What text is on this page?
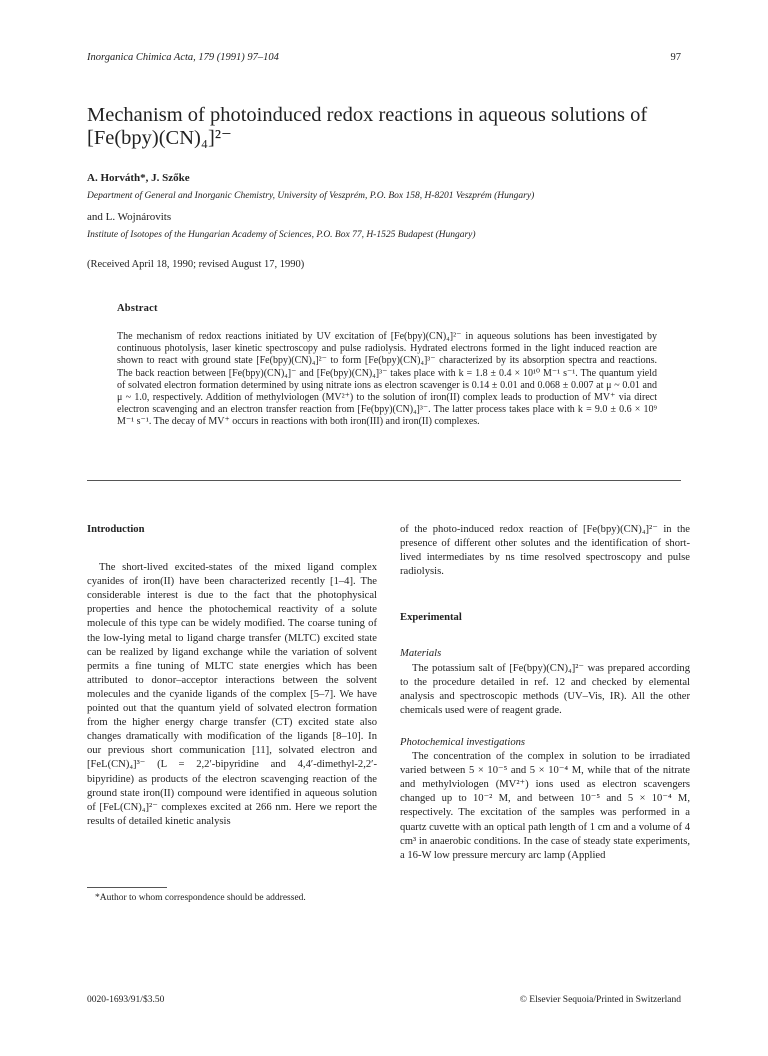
Inorganica Chimica Acta, 179 (1991) 97–104	97
Mechanism of photoinduced redox reactions in aqueous solutions of
[Fe(bpy)(CN)₄]²⁻
A. Horváth*, J. Szőke
Department of General and Inorganic Chemistry, University of Veszprém, P.O. Box 158, H-8201 Veszprém (Hungary)
and L. Wojnárovits
Institute of Isotopes of the Hungarian Academy of Sciences, P.O. Box 77, H-1525 Budapest (Hungary)
(Received April 18, 1990; revised August 17, 1990)
Abstract
The mechanism of redox reactions initiated by UV excitation of [Fe(bpy)(CN)₄]²⁻ in aqueous solutions has been investigated by continuous photolysis, laser kinetic spectroscopy and pulse radiolysis. Hydrated electrons formed in the light induced reaction are shown to react with ground state [Fe(bpy)(CN)₄]²⁻ to form [Fe(bpy)(CN)₄]³⁻ characterized by its absorption spectra and reactions. The back reaction between [Fe(bpy)(CN)₄]⁻ and [Fe(bpy)(CN)₄]³⁻ takes place with k = 1.8 ± 0.4 × 10¹⁰ M⁻¹ s⁻¹. The quantum yield of solvated electron formation determined by using nitrate ions as electron scavenger is 0.14 ± 0.01 and 0.068 ± 0.007 at μ ~ 0.01 and μ ~ 1.0, respectively. Addition of methylviologen (MV²⁺) to the solution of iron(II) complex leads to production of MV⁺ via direct electron scavenging and an electron transfer reaction from [Fe(bpy)(CN)₄]³⁻. The latter process takes place with k = 9.0 ± 0.6 × 10⁹ M⁻¹ s⁻¹. The decay of MV⁺ occurs in reactions with both iron(III) and iron(II) complexes.

Introduction

The short-lived excited-states of the mixed ligand complex cyanides of iron(II) have been characterized recently [1–4]. The considerable interest is due to the fact that the photophysical properties and hence the photochemical reactivity of a solute molecule of this type can be widely modified. The coarse tuning of the low-lying metal to ligand charge transfer (MLTC) excited state can be realized by ligand exchange while the variation of solvent permits a fine tuning of MLTC state energies which has been attributed to donor–acceptor interactions between the solvent molecules and the cyanide ligands of the complex [5–7]. We have pointed out that the quantum yield of solvated electron formation from the higher energy charge transfer (CT) excited state also changes dramatically with modification of the ligands [8–10]. In our previous short communication [11], solvated electron and [FeL(CN)₄]³⁻ (L = 2,2′-bipyridine and 4,4′-dimethyl-2,2′-bipyridine) as products of the electron scavenging reaction of the ground state iron(II) compound were identified in aqueous solution of [FeL(CN)₄]²⁻ complexes excited at 266 nm. Here we report the results of detailed kinetic analysis

*Author to whom correspondence should be addressed.

of the photo-induced redox reaction of [Fe(bpy)(CN)₄]²⁻ in the presence of different other solutes and the identification of short-lived intermediates by ns time resolved spectroscopy and pulse radiolysis.

Experimental

Materials

The potassium salt of [Fe(bpy)(CN)₄]²⁻ was prepared according to the procedure detailed in ref. 12 and checked by elemental analysis and spectroscopic methods (UV–Vis, IR). All the other chemicals used were of reagent grade.

Photochemical investigations

The concentration of the complex in solution to be irradiated varied between 5 × 10⁻⁵ and 5 × 10⁻⁴ M, while that of the nitrate and methylviologen (MV²⁺) ions used as electron scavengers changed up to 10⁻² M, and between 10⁻⁵ and 5 × 10⁻⁴ M, respectively. The excitation of the samples was performed in a quartz cuvette with an optical path length of 1 cm and a volume of 4 cm³ in anaerobic conditions. In the case of steady state experiments, a 16-W low pressure mercury arc lamp (Applied

0020-1693/91/$3.50	© Elsevier Sequoia/Printed in Switzerland
